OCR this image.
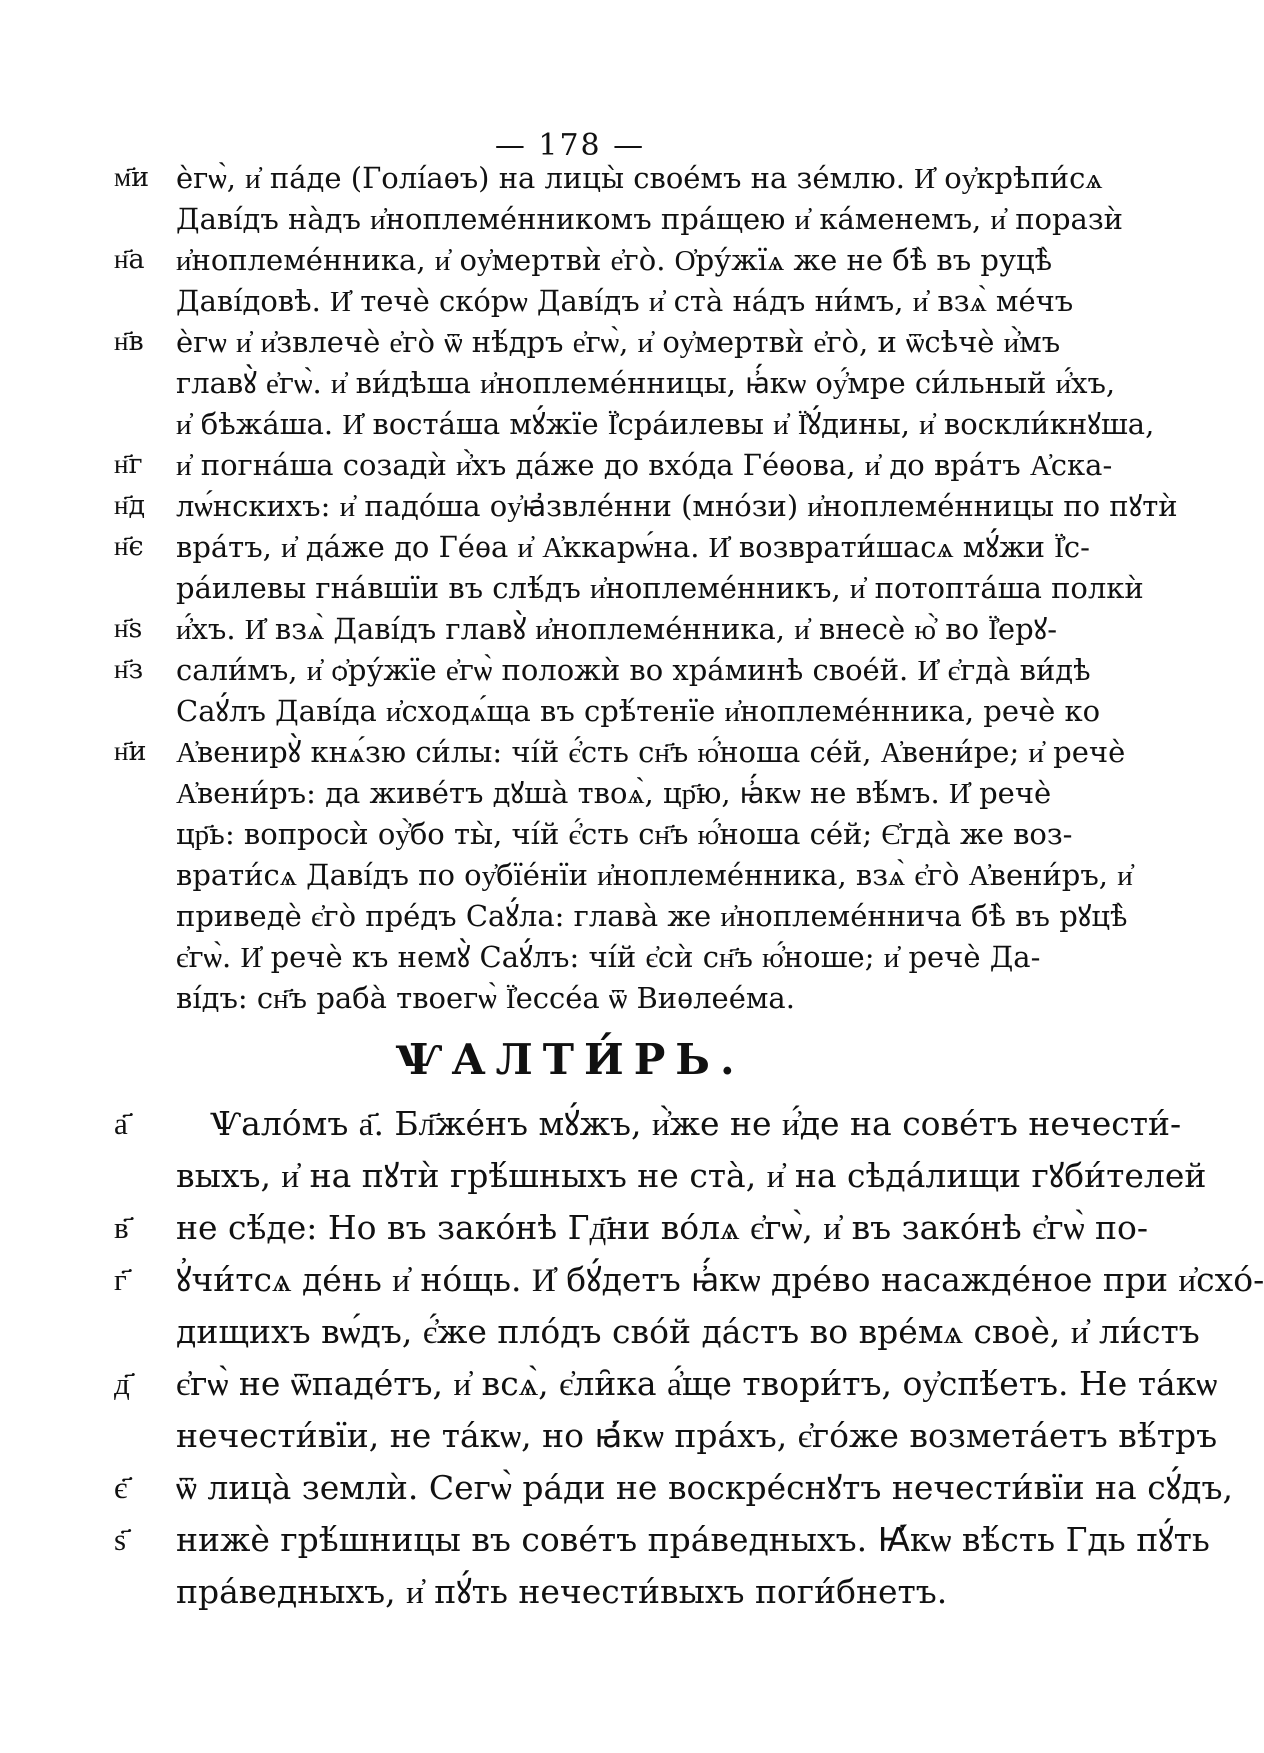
— 178 —
м҃и
н҃а
н҃в
н҃г
н҃д
н҃є
н҃ѕ
н҃з
н҃и
ѐгѡ̀, и҆ па́де (Голі́аѳъ) на лицы̀ свое́мъ на зе́млю. И҆ оу҆крѣпи́сѧ
Дaві́дъ на̀дъ и҆ноплеме́нникомъ пра́щею и҆ ка́менемъ, и҆ поразѝ
и҆ноплеме́нника, и҆ оу҆мертвѝ е҆го̀. О҆ру́жїѧ же не бѣ̀ въ руцѣ̀
Дaві́довѣ. И҆ течѐ ско́рѡ Дaві́дъ и҆ ста̀ на́дъ ни́мъ, и҆ взѧ̀ ме́чъ
ѐгѡ и҆ и҆звлечѐ е҆го̀ ѿ нѣ́дръ е҆гѡ̀, и҆ оу҆мертвѝ е҆го̀, и ѿсѣчѐ и҆̀мъ
главꙋ̀ е҆гѡ̀. и҆ ви́дѣша и҆ноплеме́нницы, ꙗ҆́кѡ оу҆́мре си́льный и҆́хъ,
и҆ бѣжа́ша. И҆ воста́ша мꙋ́жїе Ї҆сра́илевы и҆ Ї҆ꙋ́дины, и҆ воскли́кнꙋша,
и҆ погна́ша созадѝ и҆̀хъ да́же до вхо́да Ге́ѳова, и҆ до вра́тъ А҆ска-
лѡ́нскихъ: и҆ падо́ша оу҆ꙗ҆звле́нни (мно́зи) и҆ноплеме́нницы по пꙋтѝ
вра́тъ, и҆ да́же до Ге́ѳа и҆ А҆ккарѡ́на. И҆ возврати́шасѧ мꙋ́жи Ї҆с-
ра́илевы гна́вшїи въ слѣ́дъ и҆ноплеме́нникъ, и҆ потопта́ша полкѝ
и҆́хъ. И҆ взѧ̀ Дaві́дъ главꙋ̀ и҆ноплеме́нника, и҆ внесѐ ю҆̀ во Ї҆ерꙋ-
сали́мъ, и҆ ѻ҆ру́жїе е҆гѡ̀ положѝ во хра́минѣ свое́й. И҆ є҆гда̀ ви́дѣ
Саꙋ́лъ Дaві́да и҆сходѧ́ща въ срѣ́тенїе и҆ноплеме́нника, речѐ ко
А҆венирꙋ̀ кнѧ́зю си́лы: чі́й є҆́сть сн҃ъ ю҆́ноша се́й, А҆вени́ре; и҆ речѐ
А҆вени́ръ: да живе́тъ дꙋша̀ твоѧ̀, цр҃ю, ꙗ҆́кѡ не вѣ́мъ. И҆ речѐ
цр҃ь: вопросѝ оу҆̀бо ты̀, чі́й є҆́сть сн҃ъ ю҆́ноша се́й; Є҆гда̀ же воз-
врати́сѧ Дaві́дъ по оу҆бїе́нїи и҆ноплеме́нника, взѧ̀ є҆го̀ А҆вени́ръ, и҆
приведѐ є҆го̀ пре́дъ Саꙋ́ла: глава̀ же и҆ноплеме́ннича бѣ̀ въ рꙋцѣ̀
є҆гѡ̀. И҆ речѐ къ немꙋ̀ Саꙋ́лъ: чі́й є҆сѝ сн҃ъ ю҆́ноше; и҆ речѐ Да-
ві́дъ: сн҃ъ раба̀ твоегѡ̀ Ї҆ессе́а ѿ Виѳлее́ма.
ѰАЛТИ́РЬ.
а҃
в҃
г҃
д҃
є҃
ѕ҃
Ѱало́мъ а҃. Бл҃же́нъ мꙋ́жъ, и҆̀же не и҆́де на сове́тъ нечести́-
выхъ, и҆ на пꙋтѝ грѣ́шныхъ не ста̀, и҆ на сѣда́лищи гꙋби́телей
не сѣ́де: Но въ зако́нѣ Гд҃ни во́лѧ є҆гѡ̀, и҆ въ зако́нѣ є҆гѡ̀ по-
ꙋ҆чи́тсѧ де́нь и҆ но́щь. И҆ бꙋ́детъ ꙗ҆́кѡ дре́во насажде́ное при и҆схо́-
дищихъ вѡ́дъ, є҆́же пло́дъ сво́й да́стъ во вре́мѧ своѐ, и҆ ли́стъ
є҆гѡ̀ не ѿпаде́тъ, и҆ всѧ̀, є҆ли̑ка а҆́ще твори́тъ, оу҆спѣ́етъ. Не та́кѡ
нечести́вїи, не та́кѡ, но ꙗ҆́кѡ пра́хъ, є҆го́же возмета́етъ вѣ́тръ
ѿ лица̀ землѝ. Сегѡ̀ ра́ди не воскре́снꙋтъ нечести́вїи на сꙋ́дъ,
нижѐ грѣ́шницы въ сове́тъ пра́ведныхъ. Ꙗ҆́кѡ вѣ́сть Гдь пꙋ́ть
пра́ведныхъ, и҆ пꙋ́ть нечести́выхъ поги́бнетъ.
